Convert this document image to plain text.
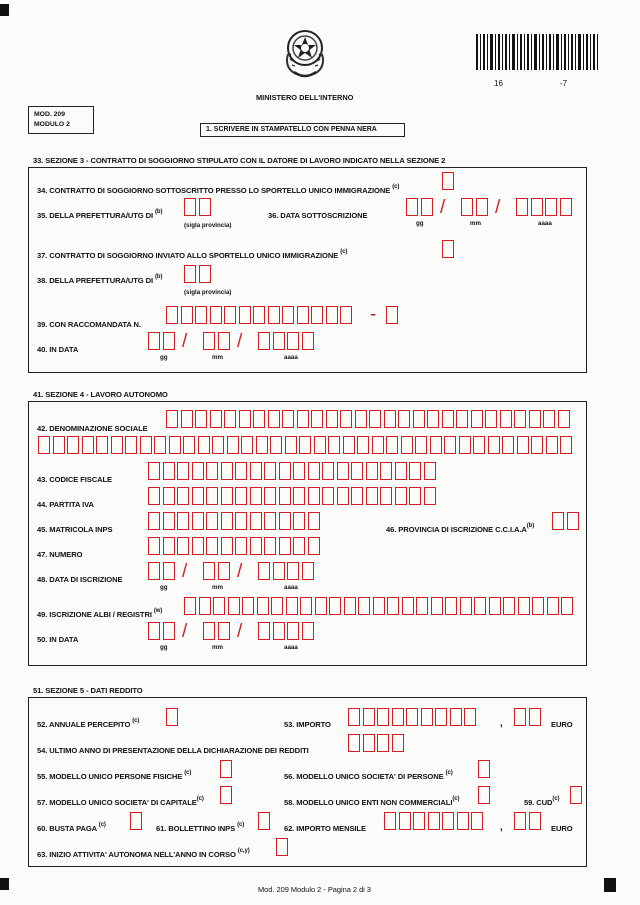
MINISTERO DELL'INTERNO
16	-7
MOD. 209
MODULO 2
1. SCRIVERE IN STAMPATELLO CON PENNA NERA
33. SEZIONE 3 - CONTRATTO DI SOGGIORNO STIPULATO CON IL DATORE DI LAVORO INDICATO NELLA SEZIONE 2
34. CONTRATTO DI SOGGIORNO SOTTOSCRITTO PRESSO LO SPORTELLO UNICO IMMIGRAZIONE $^{(c)}$
35. DELLA PREFETTURA/UTG DI $^{(b)}$
(sigla provincia)
36. DATA SOTTOSCRIZIONE	/	/
gg	mm	aaaa
37. CONTRATTO DI SOGGIORNO INVIATO ALLO SPORTELLO UNICO IMMIGRAZIONE $^{(c)}$
38. DELLA PREFETTURA/UTG DI $^{(b)}$
(sigla provincia)
39. CON RACCOMANDATA N.	-
40. IN DATA	/	/
gg	mm	aaaa
41. SEZIONE 4 - LAVORO AUTONOMO
42. DENOMINAZIONE SOCIALE
43. CODICE FISCALE
44. PARTITA IVA
45. MATRICOLA INPS	46. PROVINCIA DI ISCRIZIONE $C.C.I.A.A^{(b)}$
47. NUMERO
48. DATA DI ISCRIZIONE	/	/
gg	mm	aaaa
49. ISCRIZIONE ALBI / REGISTRI $^{(w)}$
50. IN DATA	/	/
gg	mm	aaaa
51. SEZIONE 5 - DATI REDDITO
52. ANNUALE PERCEPITO $^{(c)}$	53. IMPORTO	,	EURO
54. ULTIMO ANNO DI PRESENTAZIONE DELLA DICHIARAZIONE DEI REDDITI
55. MODELLO UNICO PERSONE FISICHE $^{(c)}$	56. MODELLO UNICO SOCIETA' DI PERSONE $^{(c)}$
57. MODELLO UNICO SOCIETA' DI CAPITALE$^{(c)}$	58. MODELLO UNICO ENTI NON COMMERCIALI$^{(c)}$	59. CUD$^{(c)}$
60. BUSTA PAGA $^{(c)}$	61. BOLLETTINO INPS $^{(c)}$	62. IMPORTO MENSILE	,	EURO
63. INIZIO ATTIVITA' AUTONOMA NELL'ANNO IN CORSO $^{(c,y)}$
Mod. 209 Modulo 2 - Pagina 2 di 3
